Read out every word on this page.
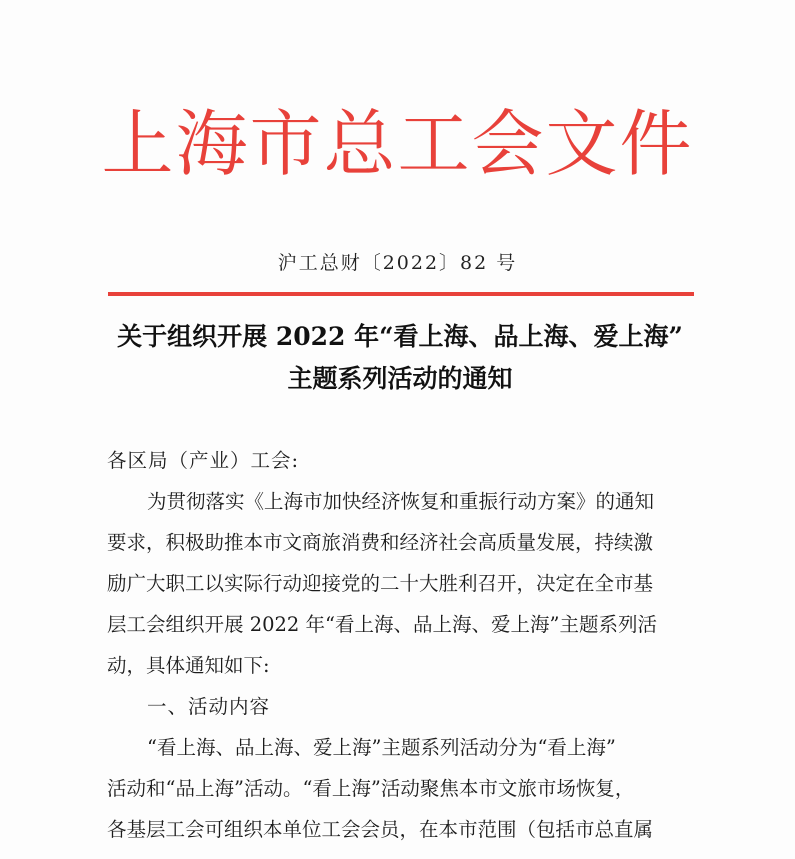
上海市总工会文件
沪工总财〔2022〕82 号
关于组织开展 2022 年“看上海、品上海、爱上海”
主题系列活动的通知

各区局（产业）工会:

为贯彻落实《上海市加快经济恢复和重振行动方案》的通知

要求，积极助推本市文商旅消费和经济社会高质量发展，持续激

励广大职工以实际行动迎接党的二十大胜利召开，决定在全市基

层工会组织开展 2022 年“看上海、品上海、爱上海”主题系列活

动，具体通知如下:

一、活动内容

“看上海、品上海、爱上海”主题系列活动分为“看上海”

活动和“品上海”活动。“看上海”活动聚焦本市文旅市场恢复，

各基层工会可组织本单位工会会员，在本市范围（包括市总直属
